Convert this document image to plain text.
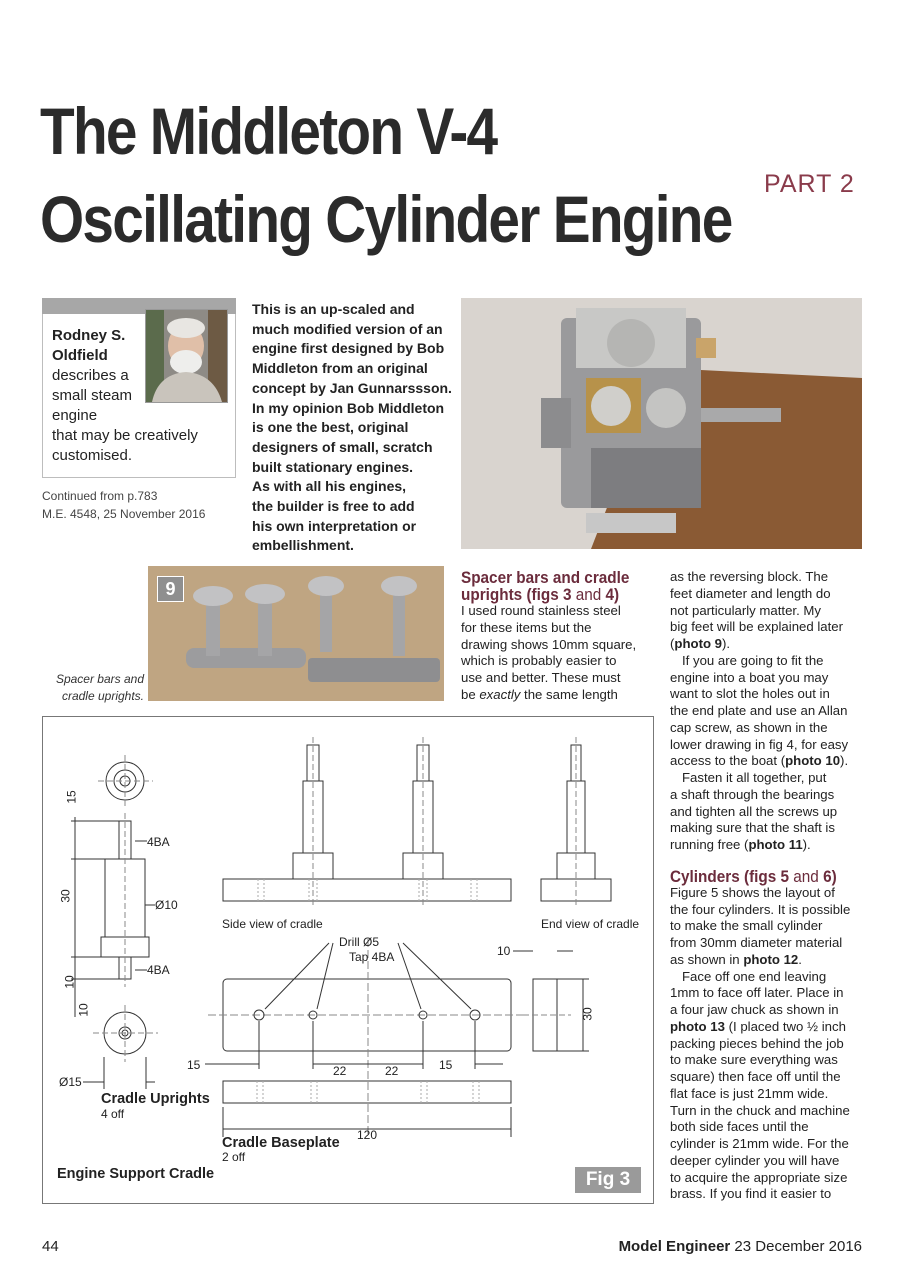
The Middleton V-4
Oscillating Cylinder Engine PART 2
Rodney S.
Oldfield
describes a
small steam
engine
that may be creatively
customised.
Continued from p.783
M.E. 4548, 25 November 2016
This is an up-scaled and
much modified version of an
engine first designed by Bob
Middleton from an original
concept by Jan Gunnarssson.
In my opinion Bob Middleton
is one the best, original
designers of small, scratch
built stationary engines.
As with all his engines,
the builder is free to add
his own interpretation or
embellishment.
9
Spacer bars and
cradle uprights.
Spacer bars and cradle
uprights (figs 3 and 4)

I used round stainless steel

for these items but the

drawing shows 10mm square,

which is probably easier to

use and better. These must

be exactly the same length

as the reversing block. The

feet diameter and length do

not particularly matter. My

big feet will be explained later

(photo 9).

If you are going to fit the

engine into a boat you may

want to slot the holes out in

the end plate and use an Allan

cap screw, as shown in the

lower drawing in fig 4, for easy

access to the boat (photo 10).

Fasten it all together, put

a shaft through the bearings

and tighten all the screws up

making sure that the shaft is

running free (photo 11).

Cylinders (figs 5 and 6)

Figure 5 shows the layout of

the four cylinders. It is possible

to make the small cylinder

from 30mm diameter material

as shown in photo 12.

Face off one end leaving

1mm to face off later. Place in

a four jaw chuck as shown in

photo 13 (I placed two ½ inch

packing pieces behind the job

to make sure everything was

square) then face off until the

flat face is just 21mm wide.

Turn in the chuck and machine

both side faces until the

cylinder is 21mm wide. For the

deeper cylinder you will have

to acquire the appropriate size

brass. If you find it easier to

15
4BA
30
Ø10
4BA
10
10
Ø15
Cradle Uprights
4 off
Side view of cradle	End view of cradle
Drill Ø5
Tap 4BA	10
30
15	22	22	15
120
Cradle Baseplate
2 off
Engine Support Cradle	Fig 3
44	Model Engineer 23 December 2016
